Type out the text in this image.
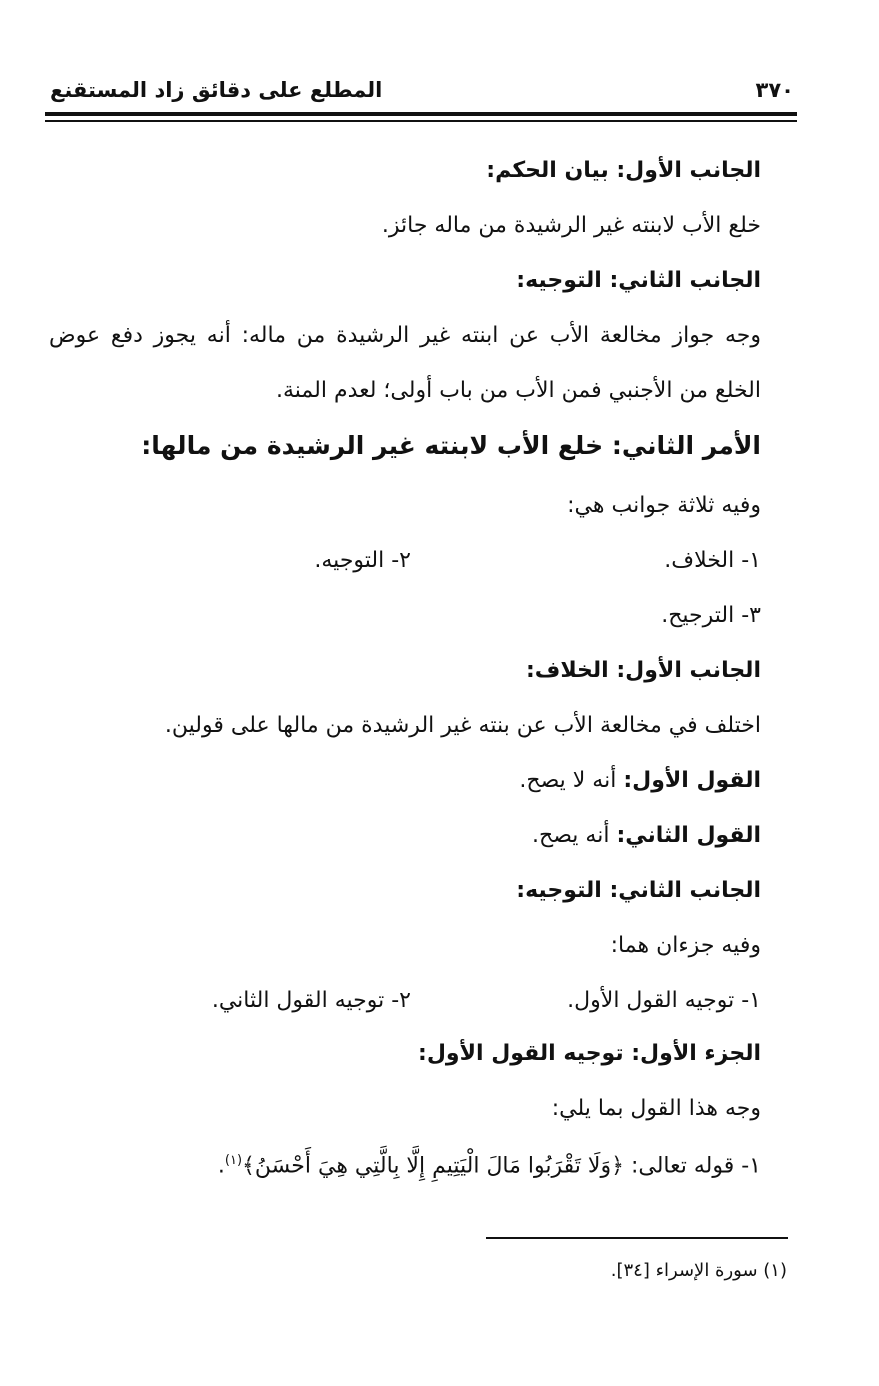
٣٧٠
المطلع على دقائق زاد المستقنع
الجانب الأول: بيان الحكم:
خلع الأب لابنته غير الرشيدة من ماله جائز.
الجانب الثاني: التوجيه:
وجه جواز مخالعة الأب عن ابنته غير الرشيدة من ماله: أنه يجوز دفع عوض
الخلع من الأجنبي فمن الأب من باب أولى؛ لعدم المنة.
الأمر الثاني: خلع الأب لابنته غير الرشيدة من مالها:
وفيه ثلاثة جوانب هي:
١- الخلاف.
٢- التوجيه.
٣- الترجيح.
الجانب الأول: الخلاف:
اختلف في مخالعة الأب عن بنته غير الرشيدة من مالها على قولين.
القول الأول: أنه لا يصح.
القول الثاني: أنه يصح.
الجانب الثاني: التوجيه:
وفيه جزءان هما:
١- توجيه القول الأول.
٢- توجيه القول الثاني.
الجزء الأول: توجيه القول الأول:
وجه هذا القول بما يلي:
١- قوله تعالى: ﴿وَلَا تَقْرَبُوا مَالَ الْيَتِيمِ إِلَّا بِالَّتِي هِيَ أَحْسَنُ﴾$^{(١)}$.
(١) سورة الإسراء [٣٤].
